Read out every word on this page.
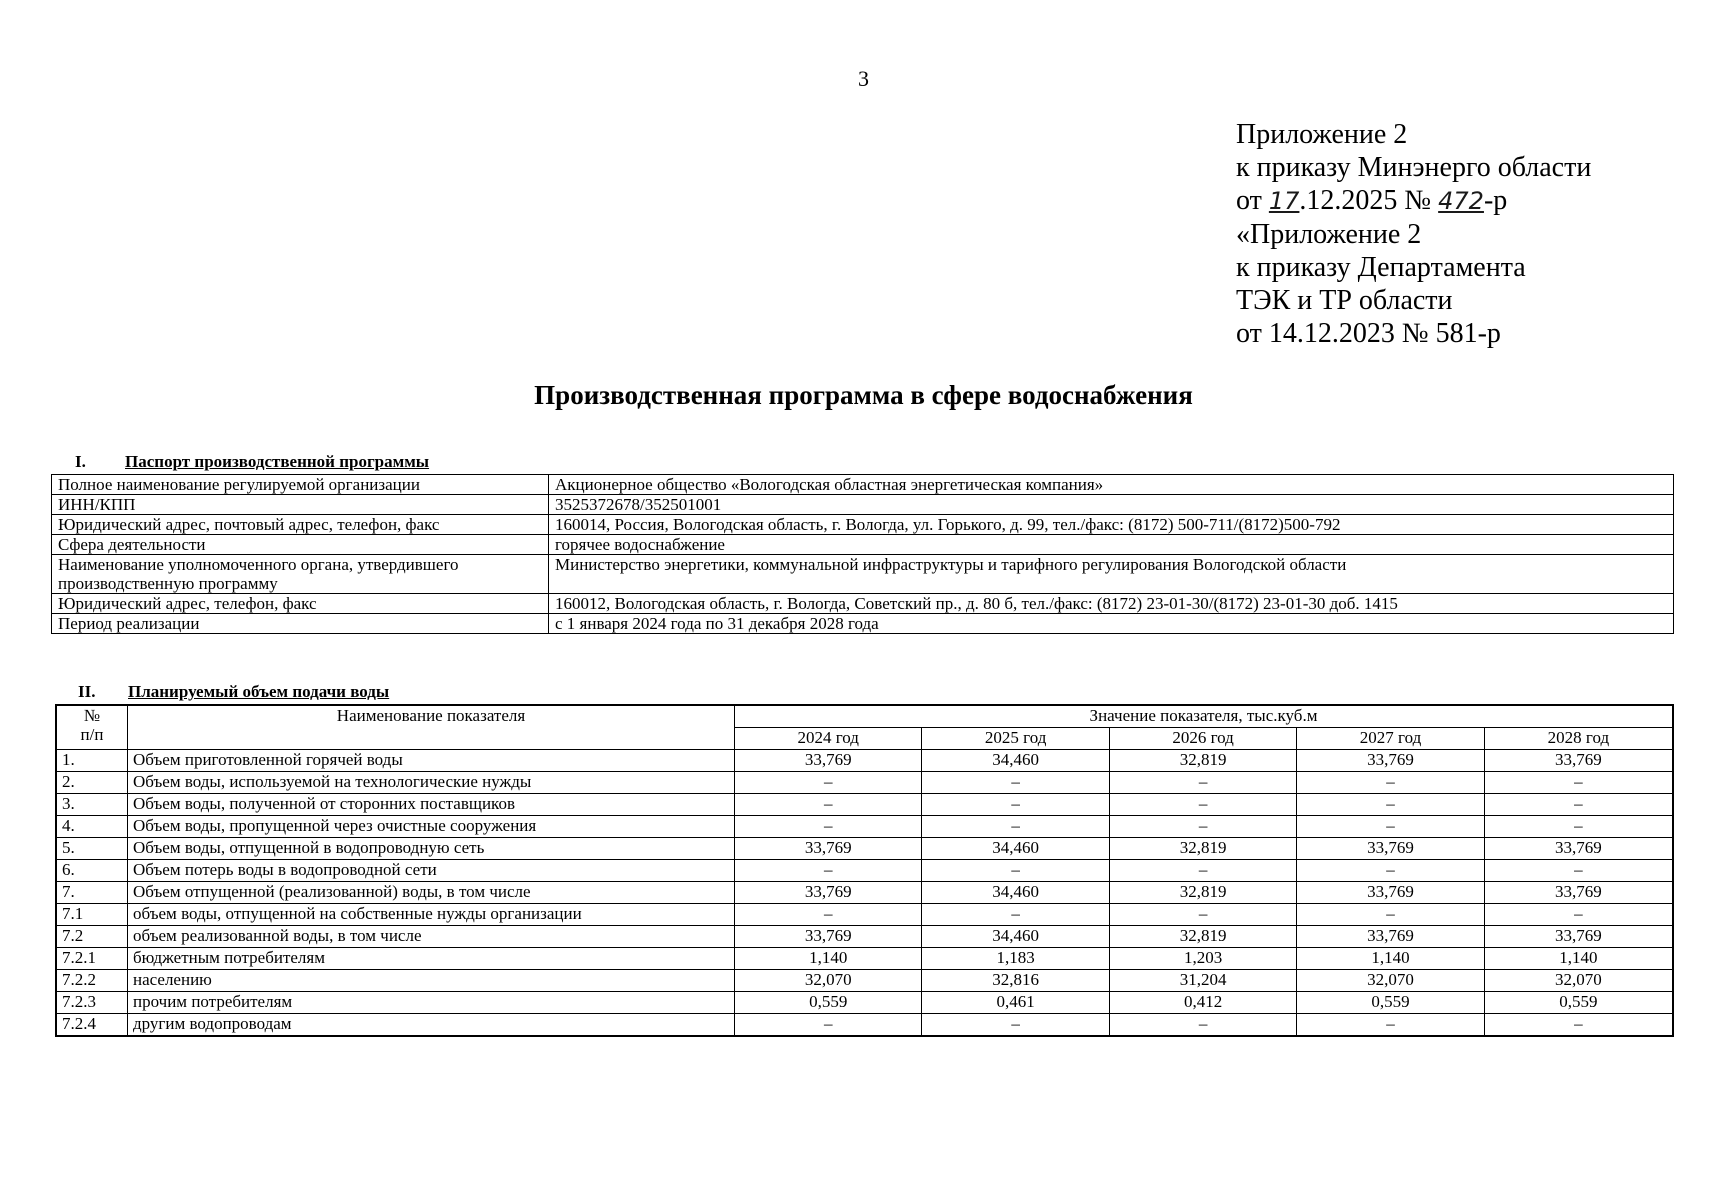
3
Приложение 2
к приказу Минэнерго области
от 17.12.2025 № 472-р
«Приложение 2
к приказу Департамента
ТЭК и ТР области
от 14.12.2023 № 581-р
Производственная программа в сфере водоснабжения
I. Паспорт производственной программы
Полное наименование регулируемой организации	Акционерное общество «Вологодская областная энергетическая компания»
ИНН/КПП	3525372678/352501001
Юридический адрес, почтовый адрес, телефон, факс	160014, Россия, Вологодская область, г. Вологда, ул. Горького, д. 99, тел./факс: (8172) 500-711/(8172)500-792
Сфера деятельности	горячее водоснабжение
Наименование уполномоченного органа, утвердившего производственную программу	Министерство энергетики, коммунальной инфраструктуры и тарифного регулирования Вологодской области
Юридический адрес, телефон, факс	160012, Вологодская область, г. Вологда, Советский пр., д. 80 б, тел./факс: (8172) 23-01-30/(8172) 23-01-30 доб. 1415
Период реализации	с 1 января 2024 года по 31 декабря 2028 года
II. Планируемый объем подачи воды
№
п/п	Наименование показателя	Значение показателя, тыс.куб.м				
		2024 год	2025 год	2026 год	2027 год	2028 год
1.	Объем приготовленной горячей воды	33,769	34,460	32,819	33,769	33,769
2.	Объем воды, используемой на технологические нужды	–	–	–	–	–
3.	Объем воды, полученной от сторонних поставщиков	–	–	–	–	–
4.	Объем воды, пропущенной через очистные сооружения	–	–	–	–	–
5.	Объем воды, отпущенной в водопроводную сеть	33,769	34,460	32,819	33,769	33,769
6.	Объем потерь воды в водопроводной сети	–	–	–	–	–
7.	Объем отпущенной (реализованной) воды, в том числе	33,769	34,460	32,819	33,769	33,769
7.1	объем воды, отпущенной на собственные нужды организации	–	–	–	–	–
7.2	объем реализованной воды, в том числе	33,769	34,460	32,819	33,769	33,769
7.2.1	бюджетным потребителям	1,140	1,183	1,203	1,140	1,140
7.2.2	населению	32,070	32,816	31,204	32,070	32,070
7.2.3	прочим потребителям	0,559	0,461	0,412	0,559	0,559
7.2.4	другим водопроводам	–	–	–	–	–
